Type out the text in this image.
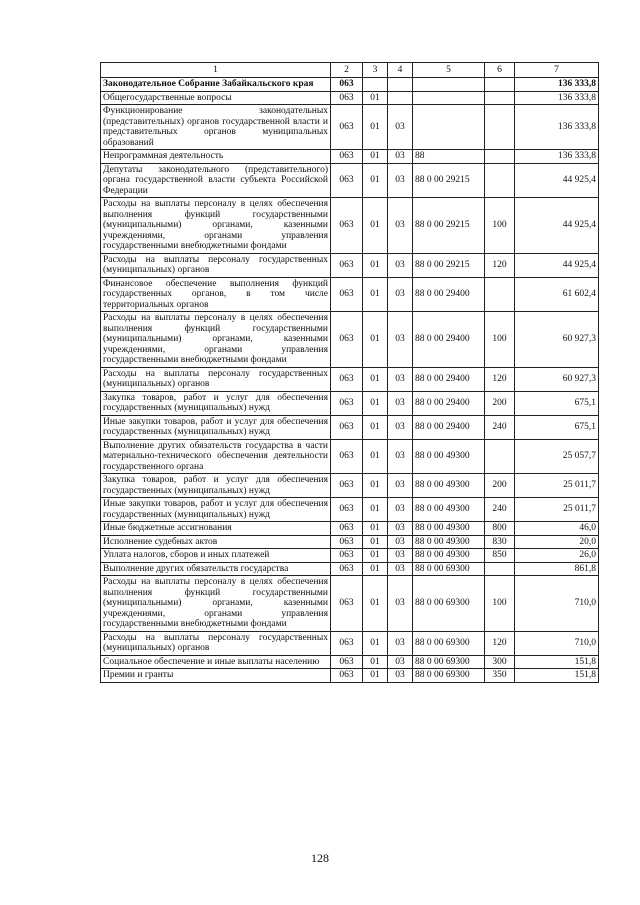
1	2	3	4	5	6	7
Законодательное Собрание Забайкальского края	063					136 333,8
Общегосударственные вопросы	063	01				136 333,8
Функционирование законодательных (представительных) органов государственной власти и представительных органов муниципальных образований	063	01	03			136 333,8
Непрограммная деятельность	063	01	03	88		136 333,8
Депутаты законодательного (представительного) органа государственной власти субъекта Российской Федерации	063	01	03	88 0 00 29215		44 925,4
Расходы на выплаты персоналу в целях обеспечения выполнения функций государственными (муниципальными) органами, казенными учреждениями, органами управления государственными внебюджетными фондами	063	01	03	88 0 00 29215	100	44 925,4
Расходы на выплаты персоналу государственных (муниципальных) органов	063	01	03	88 0 00 29215	120	44 925,4
Финансовое обеспечение выполнения функций государственных органов, в том числе территориальных органов	063	01	03	88 0 00 29400		61 602,4
Расходы на выплаты персоналу в целях обеспечения выполнения функций государственными (муниципальными) органами, казенными учреждениями, органами управления государственными внебюджетными фондами	063	01	03	88 0 00 29400	100	60 927,3
Расходы на выплаты персоналу государственных (муниципальных) органов	063	01	03	88 0 00 29400	120	60 927,3
Закупка товаров, работ и услуг для обеспечения государственных (муниципальных) нужд	063	01	03	88 0 00 29400	200	675,1
Иные закупки товаров, работ и услуг для обеспечения государственных (муниципальных) нужд	063	01	03	88 0 00 29400	240	675,1
Выполнение других обязательств государства в части материально-технического обеспечения деятельности государственного органа	063	01	03	88 0 00 49300		25 057,7
Закупка товаров, работ и услуг для обеспечения государственных (муниципальных) нужд	063	01	03	88 0 00 49300	200	25 011,7
Иные закупки товаров, работ и услуг для обеспечения государственных (муниципальных) нужд	063	01	03	88 0 00 49300	240	25 011,7
Иные бюджетные ассигнования	063	01	03	88 0 00 49300	800	46,0
Исполнение судебных актов	063	01	03	88 0 00 49300	830	20,0
Уплата налогов, сборов и иных платежей	063	01	03	88 0 00 49300	850	26,0
Выполнение других обязательств государства	063	01	03	88 0 00 69300		861,8
Расходы на выплаты персоналу в целях обеспечения выполнения функций государственными (муниципальными) органами, казенными учреждениями, органами управления государственными внебюджетными фондами	063	01	03	88 0 00 69300	100	710,0
Расходы на выплаты персоналу государственных (муниципальных) органов	063	01	03	88 0 00 69300	120	710,0
Социальное обеспечение и иные выплаты населению	063	01	03	88 0 00 69300	300	151,8
Премии и гранты	063	01	03	88 0 00 69300	350	151,8
128
